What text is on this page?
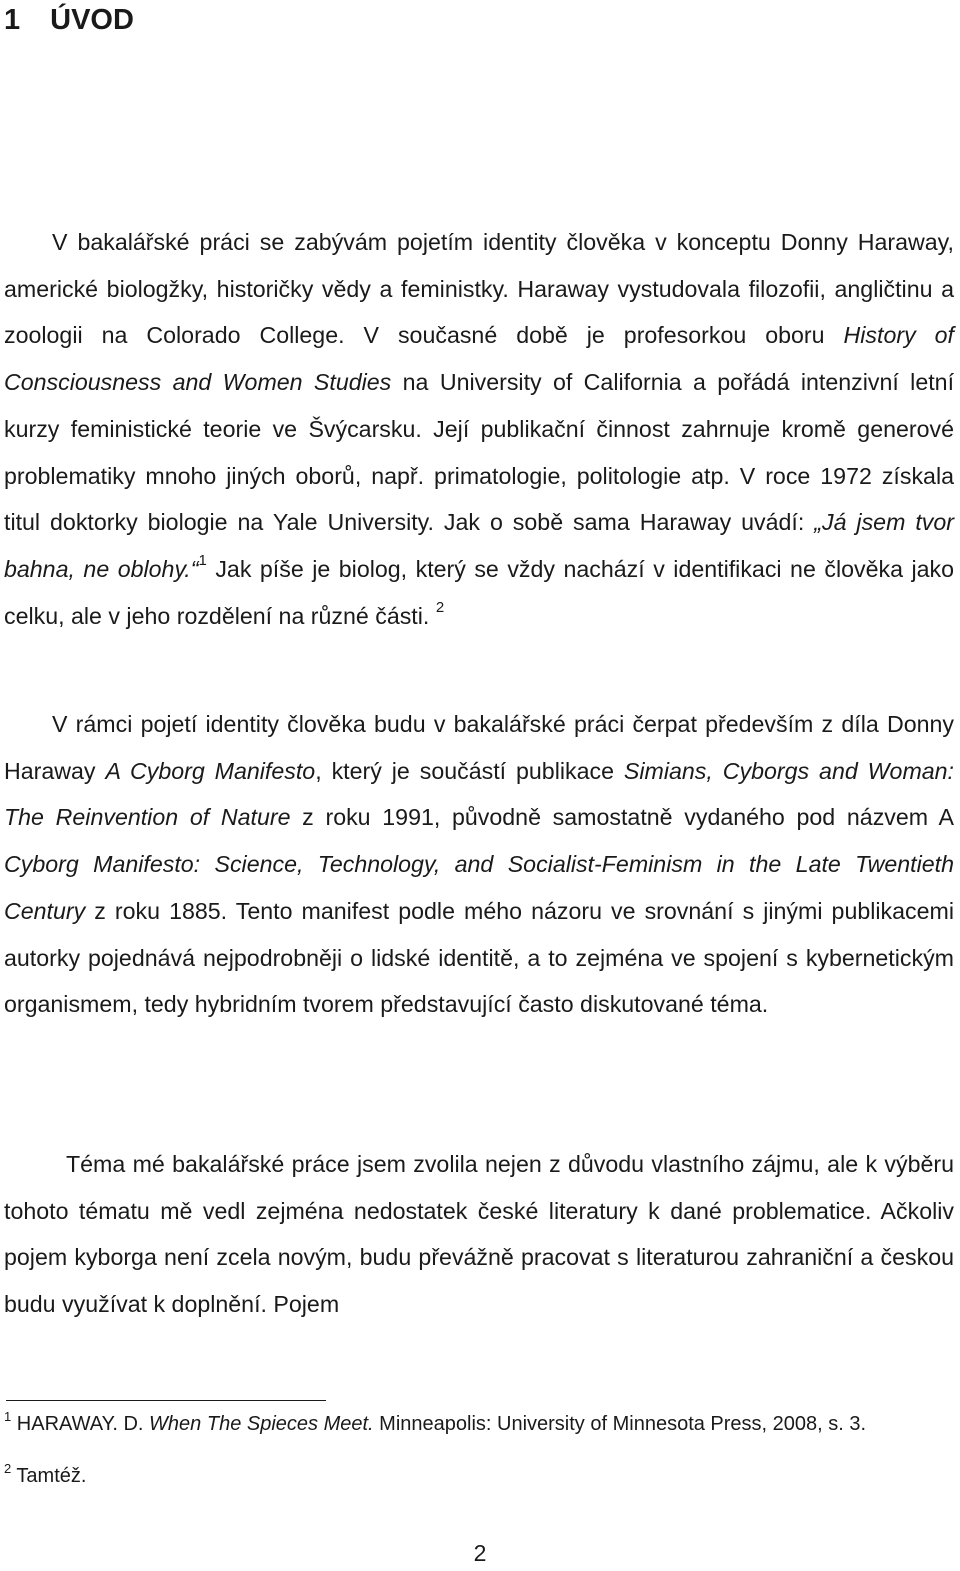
1 ÚVOD

V bakalářské práci se zabývám pojetím identity člověka v konceptu Donny Haraway, americké biologžky, historičky vědy a feministky. Haraway vystudovala filozofii, angličtinu a zoologii na Colorado College. V současné době je profesorkou oboru History of Consciousness and Women Studies na University of California a pořádá intenzivní letní kurzy feministické teorie ve Švýcarsku. Její publikační činnost zahrnuje kromě generové problematiky mnoho jiných oborů, např. primatologie, politologie atp. V roce 1972 získala titul doktorky biologie na Yale University. Jak o sobě sama Haraway uvádí: „Já jsem tvor bahna, ne oblohy.“$^1$ Jak píše je biolog, který se vždy nachází v identifikaci ne člověka jako celku, ale v jeho rozdělení na různé části. $^2$

V rámci pojetí identity člověka budu v bakalářské práci čerpat především z díla Donny Haraway A Cyborg Manifesto, který je součástí publikace Simians, Cyborgs and Woman: The Reinvention of Nature z roku 1991, původně samostatně vydaného pod názvem A Cyborg Manifesto: Science, Technology, and Socialist-Feminism in the Late Twentieth Century z roku 1885. Tento manifest podle mého názoru ve srovnání s jinými publikacemi autorky pojednává nejpodrobněji o lidské identitě, a to zejména ve spojení s kybernetickým organismem, tedy hybridním tvorem představující často diskutované téma.

Téma mé bakalářské práce jsem zvolila nejen z důvodu vlastního zájmu, ale k výběru tohoto tématu mě vedl zejména nedostatek české literatury k dané problematice. Ačkoliv pojem kyborga není zcela novým, budu převážně pracovat s literaturou zahraniční a českou budu využívat k doplnění. Pojem

$^1$ HARAWAY. D. When The Spieces Meet. Minneapolis: University of Minnesota Press, 2008, s. 3.

$^2$ Tamtéž.

2
